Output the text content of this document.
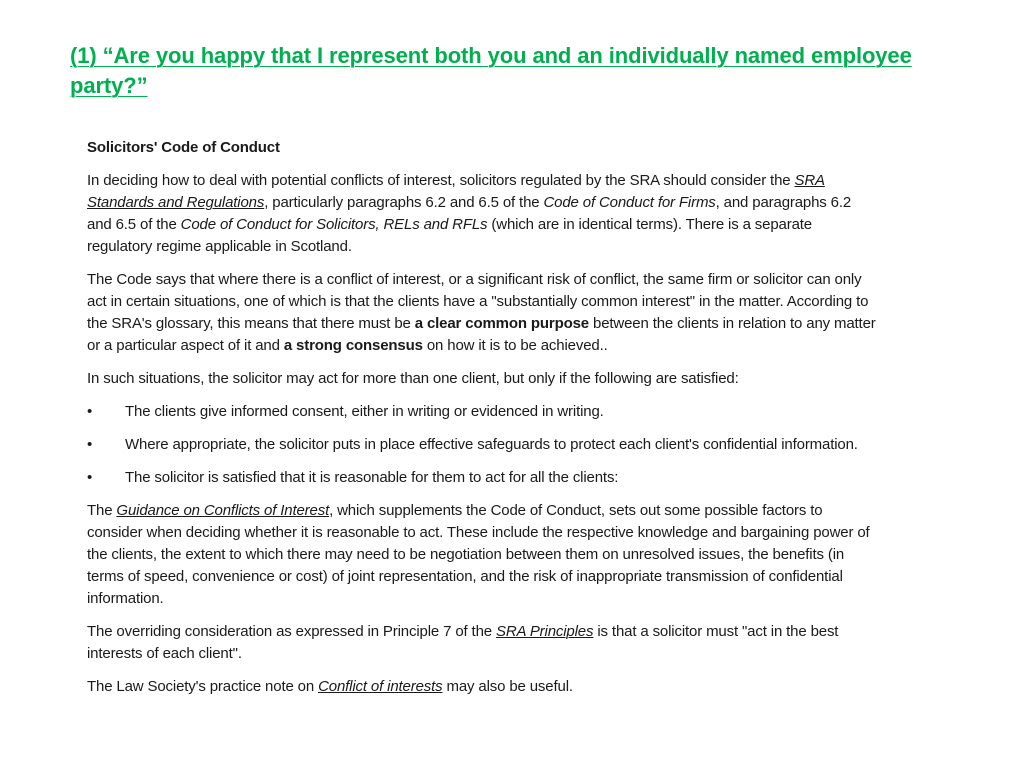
(1) “Are you happy that I represent both you and an individually named employee party?”
Solicitors' Code of Conduct

In deciding how to deal with potential conflicts of interest, solicitors regulated by the SRA should consider the SRA Standards and Regulations, particularly paragraphs 6.2 and 6.5 of the Code of Conduct for Firms, and paragraphs 6.2 and 6.5 of the Code of Conduct for Solicitors, RELs and RFLs (which are in identical terms). There is a separate regulatory regime applicable in Scotland.

The Code says that where there is a conflict of interest, or a significant risk of conflict, the same firm or solicitor can only act in certain situations, one of which is that the clients have a "substantially common interest" in the matter. According to the SRA's glossary, this means that there must be a clear common purpose between the clients in relation to any matter or a particular aspect of it and a strong consensus on how it is to be achieved..

In such situations, the solicitor may act for more than one client, but only if the following are satisfied:

•	The clients give informed consent, either in writing or evidenced in writing.
•	Where appropriate, the solicitor puts in place effective safeguards to protect each client's confidential information.
•	The solicitor is satisfied that it is reasonable for them to act for all the clients:

The Guidance on Conflicts of Interest, which supplements the Code of Conduct, sets out some possible factors to consider when deciding whether it is reasonable to act. These include the respective knowledge and bargaining power of the clients, the extent to which there may need to be negotiation between them on unresolved issues, the benefits (in terms of speed, convenience or cost) of joint representation, and the risk of inappropriate transmission of confidential information.

The overriding consideration as expressed in Principle 7 of the SRA Principles is that a solicitor must "act in the best interests of each client".

The Law Society's practice note on Conflict of interests may also be useful.
